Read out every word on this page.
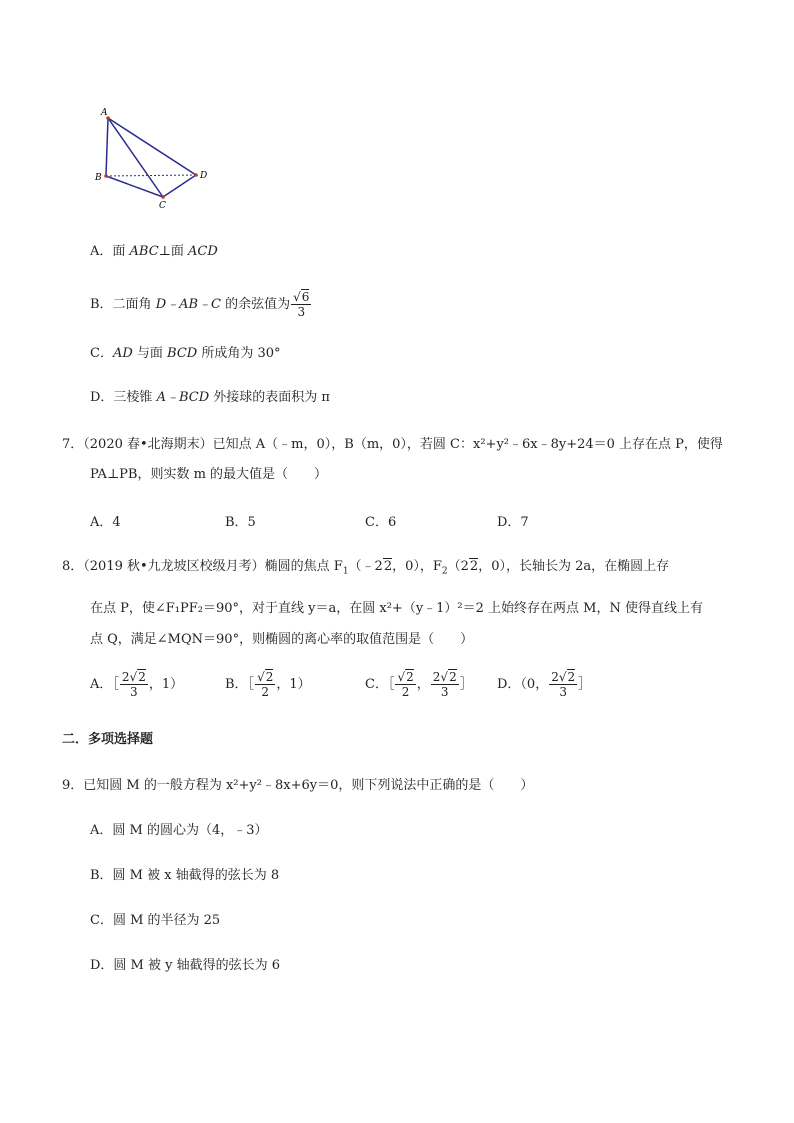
A
B
C
D
A．面 ABC⊥面 ACD
B．二面角 D﹣AB﹣C 的余弦值为 $\frac{√6}{3}$
C．AD 与面 BCD 所成角为 30°
D．三棱锥 A﹣BCD 外接球的表面积为 π
7．（2020 春•北海期末）已知点 A（﹣m，0），B（m，0），若圆 C：x²+y²﹣6x﹣8y+24＝0 上存在点 P，使得
PA⊥PB，则实数 m 的最大值是（　　）
A．4	B．5	C．6	D．7
8．（2019 秋•九龙坡区校级月考）椭圆的焦点 $F_1(﹣22$，0），$F_2(22$，0），长轴长为 2a，在椭圆上存
在点 P，使∠F₁PF₂＝90°，对于直线 y＝a，在圆 x²+（y﹣1）²＝2 上始终存在两点 M，N 使得直线上有
点 Q，满足∠MQN＝90°，则椭圆的离心率的取值范围是（　　）
A．［ $\frac{2√2}{3}$ ，1）	B．［ $\frac{√2}{2}$ ，1）	C．［ $\frac{√2}{2}$ ， $\frac{2√2}{3}$ ］ D．（0， $\frac{2√2}{3}$ ］
二．多项选择题
9．已知圆 M 的一般方程为 x²+y²﹣8x+6y＝0，则下列说法中正确的是（　　）
A．圆 M 的圆心为（4，﹣3）
B．圆 M 被 x 轴截得的弦长为 8
C．圆 M 的半径为 25
D．圆 M 被 y 轴截得的弦长为 6
